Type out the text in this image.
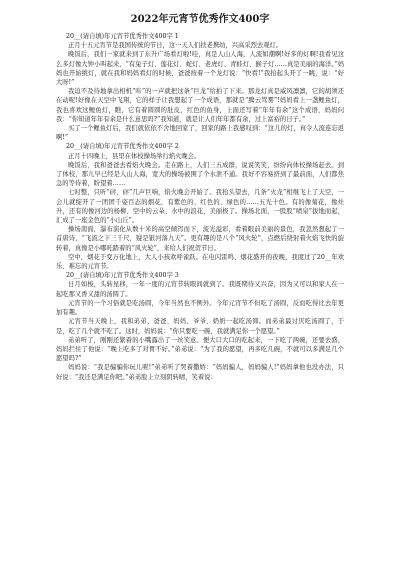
2022年元宵节优秀作文400字

20__(请自填)年元宵节优秀作文400字 1

正月十五元宵节是我国传统的节日，这一天人们扶老携幼，兴高采烈去观灯。

晚饭后，我们一家就来到了东升广场看灯啦!哇，真是人山人海，人流如潮啊!好多的灯啊!我看见这么多灯像大钟小叫起来，“有兔子灯、莲花灯、蛇灯、老虎灯、青蛙灯、猴子灯……真是美丽的海洋。”妈妈也开始挑灯，就在我和妈妈看灯的时候，爸爸按着一个龙灯说：“快看!”我抬起头开了一眺，说：“好大呀!”

我迫不及待地拿出相机“咔”的一声就把这条“巨龙”给拍了下来。那龙灯真是威风凛凛，它的胡须还在动呢!好像在天空中飞翔，它的样子让我想起了一个成语，那就是“腾云驾雾”!妈妈看上一盏鲤鱼灯，我也喜欢这鲤鱼灯，瞧，它有着圆圆的肚皮，红色的鱼身，上面还写着“年年有余”这个成语，妈妈问我：“你知道年年有余是什么意思吗?”我知道，就是让人们年年都有余，过上富裕的日子。”

买了一个鲤鱼灯后，我们就依依不舍地回家了，回家的路上我感叹到：“这儿的灯，真令人流连忘返啊!”

20__(请自填)年元宵节优秀作文400字 2

正月十四晚上，县里在体校操场举行焰火晚会。

晚饭后，我和爸爸去看焰火晚会。走在路上，人们三五成群，说说笑笑，纷纷向体校操场赶去。到了体校，那儿早已经是人山人海，宽大的操场被围了个水泄不通。我好不容易挤到了最前面，人们都焦急的等待着，盼望着……

七时整，只听“砰、砰”几声巨响，焰火晚会开始了。我抬头望去，几条“火龙”相继飞上了天空，一会儿就绽开了一团团千姿百态的烟花，有紫色的、红色的、绿色的……五光十色。有的像菊花，像灶升，还有的像河边的杨柳、空中的云朵、水中的浪花，美丽极了。操场北面，一股股“喷泉”拔地而起，汇成了一座金色的“小山丘”。

操场南面，瀑布演化从数十米的高空倾泻而下，流光溢彩，看着眼前美丽的景色，我忽然想起了一首唐诗，“飞流之下三千尺，疑是银河落九天”。更有趣的是八个“风火轮”，点燃后绕射着火焰飞快的旋转着，真像是小哪吒踏着的“风火轮”，来给人们祝贺节日。

空中，烟花于变万化地上，大人小孩欢呼雀跃。在电闪雷鸣、烟花盛开的夜晚，我度过了20__年欢乐、难忘的元宵节。

20__(请自填)年元宵节优秀作文400字 3

日月如梭，头转星移，一年一度的元宵节转眼间就到了。我既期待又兴奋，因为又可以和家人在一起吃那又香又甜的汤圆了。

元宵节的一个习俗就是吃汤圆，今年当然也不例外。今年元宵节不但吃了汤圆，反而吃得比去年更加有趣。

元宵节当天晚上，我和弟弟、爸爸、妈妈、爷爷、奶奶一起吃汤圆。而弟弟最讨厌吃汤圆了，于是，吃了几个就不吃了。这时，妈妈说：“你只要吃一碗，我就满足你一个愿望。”

弟弟听了，刚刚还緊着的小嘴露出了一丝笑意。便大口大口的吃起来，一下吃了两碗，还要去盛，妈妈拦住了他说：“晚上吃多了对胃不好。”弟弟说：“为了我的愿望，再多吃几碗，不就可以多满足几个愿望吗?”

妈妈说：“我是骗骗你玩儿呢!”弟弟听了哭着撒娇：“妈妈骗人，妈妈骗人!”妈妈拿他也没办法，只好说：“我还是满足你吧。”弟弟脸上立刻阴转晴，笑着说：
